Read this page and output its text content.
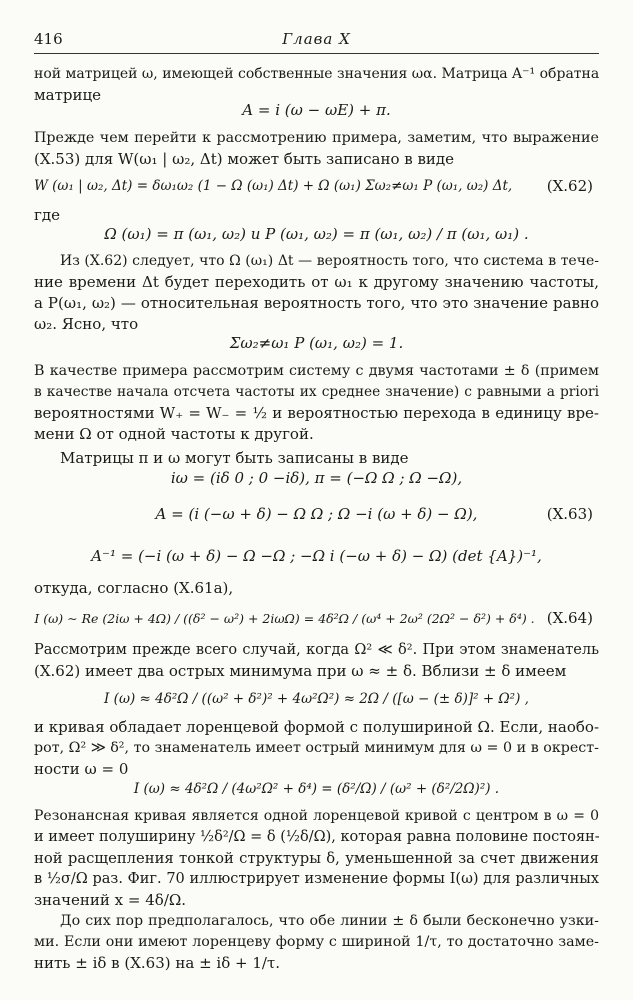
416	Глава X
ной матрицей ω, имеющей собственные значения ωα. Матрица A⁻¹ обратна
матрице
A = i (ω − ωE) + π.
Прежде чем перейти к рассмотрению примера, заметим, что выражение
(X.53) для W(ω₁ | ω₂, Δt) может быть записано в виде
W (ω₁ | ω₂, Δt) = δω₁ω₂ (1 − Ω (ω₁) Δt) + Ω (ω₁) Σω₂≠ω₁ P (ω₁, ω₂) Δt,	(X.62)
где
Ω (ω₁) = π (ω₁, ω₂) и P (ω₁, ω₂) = π (ω₁, ω₂) / π (ω₁, ω₁) .
Из (X.62) следует, что Ω (ω₁) Δt — вероятность того, что система в тече-
ние времени Δt будет переходить от ω₁ к другому значению частоты,
а P(ω₁, ω₂) — относительная вероятность того, что это значение равно
ω₂. Ясно, что
Σω₂≠ω₁ P (ω₁, ω₂) = 1.
В качестве примера рассмотрим систему с двумя частотами ± δ (примем
в качестве начала отсчета частоты их среднее значение) с равными a priori
вероятностями W₊ = W₋ = ½ и вероятностью перехода в единицу вре-
мени Ω от одной частоты к другой.
Матрицы π и ω могут быть записаны в виде
iω = (iδ 0 ; 0 −iδ), π = (−Ω Ω ; Ω −Ω),
A = (i (−ω + δ) − Ω Ω ; Ω −i (ω + δ) − Ω),	(X.63)
A⁻¹ = (−i (ω + δ) − Ω −Ω ; −Ω i (−ω + δ) − Ω) (det {A})⁻¹,
откуда, согласно (X.61a),
I (ω) ∼ Re (2iω + 4Ω) / ((δ² − ω²) + 2iωΩ) = 4δ²Ω / (ω⁴ + 2ω² (2Ω² − δ²) + δ⁴) . (X.64)
Рассмотрим прежде всего случай, когда Ω² ≪ δ². При этом знаменатель
(X.62) имеет два острых минимума при ω ≈ ± δ. Вблизи ± δ имеем
I (ω) ≈ 4δ²Ω / ((ω² + δ²)² + 4ω²Ω²) ≈ 2Ω / ([ω − (± δ)]² + Ω²) ,
и кривая обладает лоренцевой формой с полушириной Ω. Если, наобо-
рот, Ω² ≫ δ², то знаменатель имеет острый минимум для ω = 0 и в окрест-
ности ω = 0
I (ω) ≈ 4δ²Ω / (4ω²Ω² + δ⁴) = (δ²/Ω) / (ω² + (δ²/2Ω)²) .
Резонансная кривая является одной лоренцевой кривой с центром в ω = 0
и имеет полуширину ½δ²/Ω = δ (½δ/Ω), которая равна половине постоян-
ной расщепления тонкой структуры δ, уменьшенной за счет движения
в ½σ/Ω раз. Фиг. 70 иллюстрирует изменение формы I(ω) для различных
значений x = 4δ/Ω.
До сих пор предполагалось, что обе линии ± δ были бесконечно узки-
ми. Если они имеют лоренцеву форму с шириной 1/τ, то достаточно заме-
нить ± iδ в (X.63) на ± iδ + 1/τ.
